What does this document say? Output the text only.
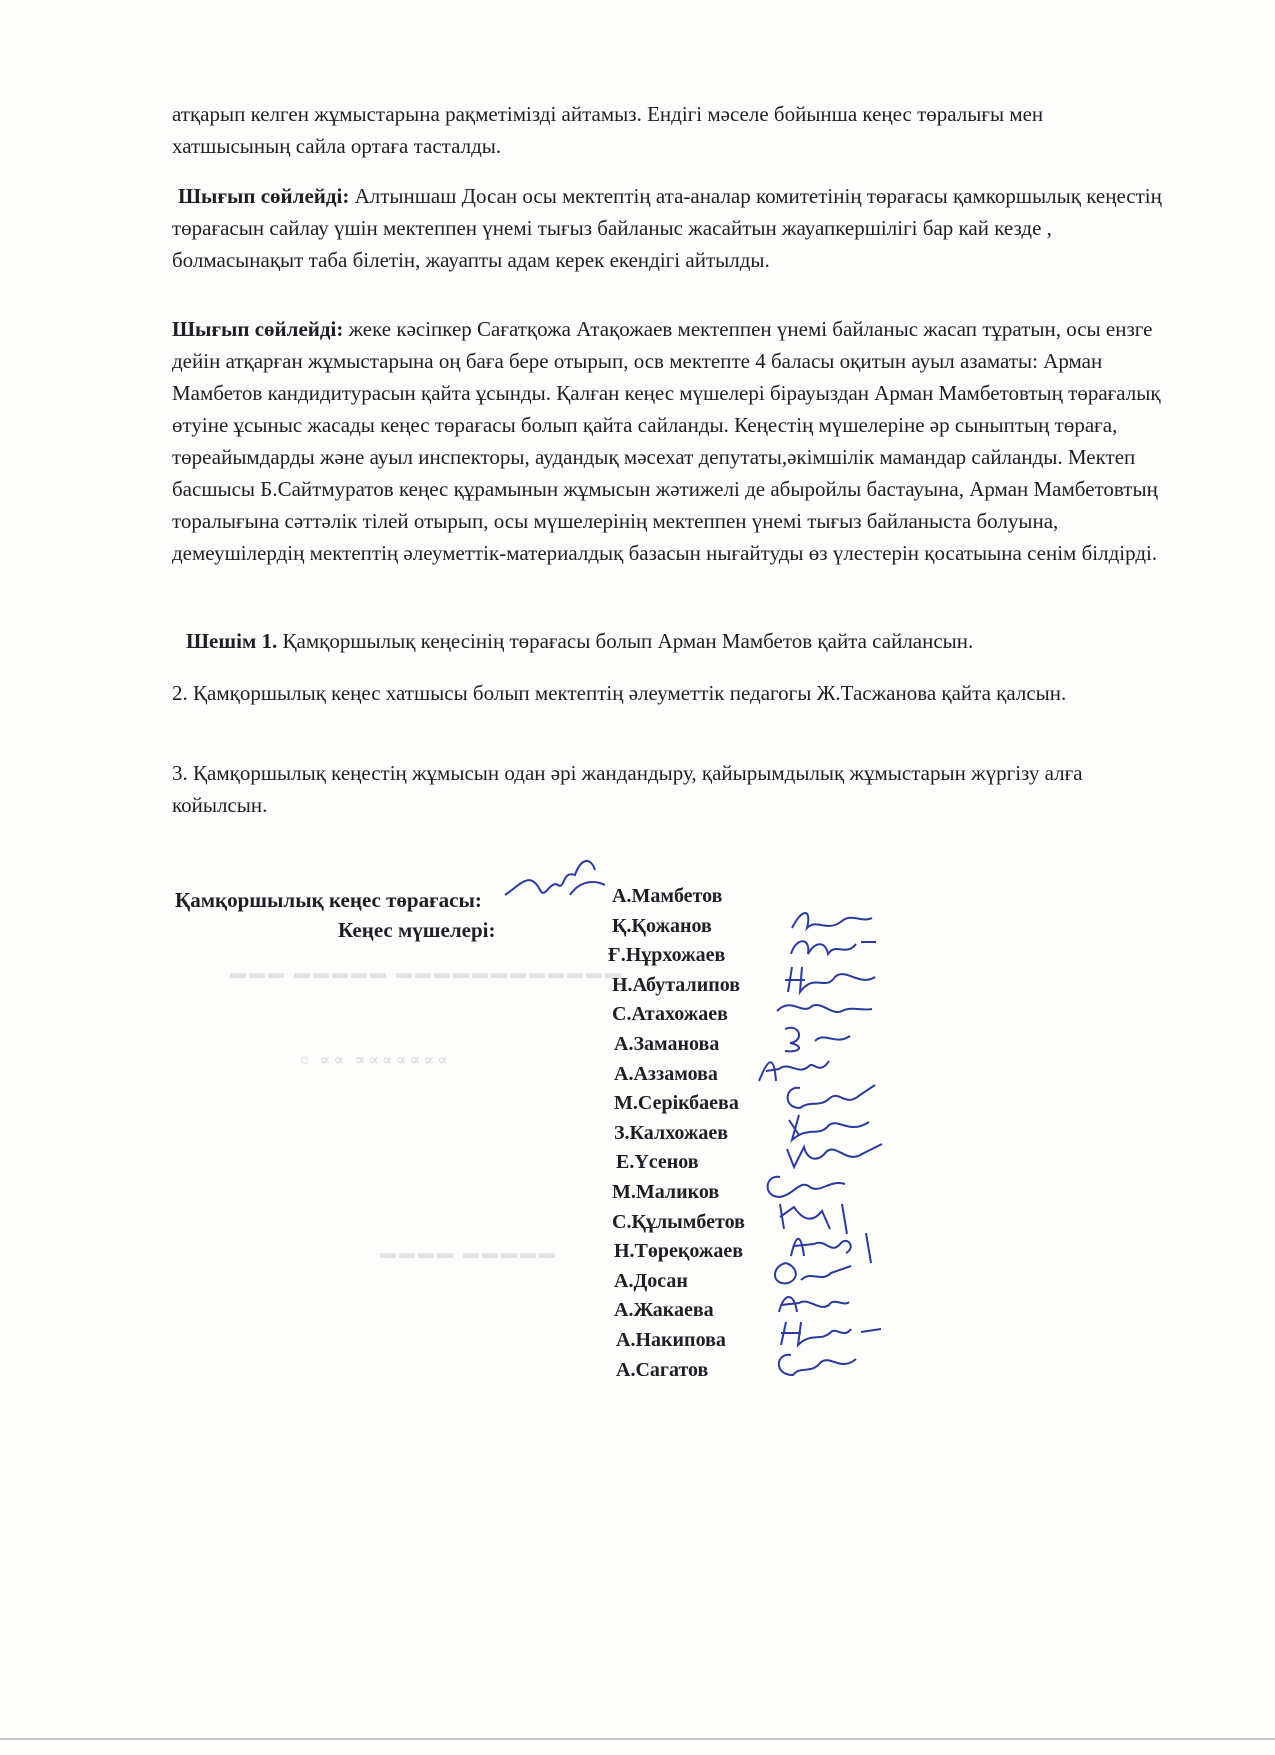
атқарып келген жұмыстарына рақметімізді айтамыз. Ендігі мәселе бойынша кеңес төралығы мен хатшысының сайла ортаға тасталды.

Шығып сөйлейді: Алтыншаш Досан осы мектептің ата-аналар комитетінің төрағасы қамкоршылық кеңестің төрағасын сайлау үшін мектеппен үнемі тығыз байланыс жасайтын жауапкершілігі бар кай кезде , болмасынақыт таба білетін, жауапты адам керек екендігі айтылды.

Шығып сөйлейді: жеке кәсіпкер Сағатқожа Атақожаев мектеппен үнемі байланыс жасап тұратын, осы ензге дейін атқарған жұмыстарына оң баға бере отырып, осв мектепте 4 баласы оқитын ауыл азаматы: Арман Мамбетов кандидитурасын қайта ұсынды. Қалған кеңес мүшелері бірауыздан Арман Мамбетовтың төрағалық өтуіне ұсыныс жасады кеңес төрағасы болып қайта сайланды. Кеңестің мүшелеріне әр сыныптың төраға, төреайымдарды және ауыл инспекторы, аудандық мәсехат депутаты,әкімшілік мамандар сайланды. Мектеп басшысы Б.Сайтмуратов кеңес құрамынын жұмысын жәтижелі де абыройлы бастауына, Арман Мамбетовтың торалығына сәттәлік тілей отырып, осы мүшелерінің мектеппен үнемі тығыз байланыста болуына, демеушілердің мектептің әлеуметтік-материалдық базасын нығайтуды өз үлестерін қосатыына сенім білдірді.

Шешім 1. Қамқоршылық кеңесінің төрағасы болып Арман Мамбетов қайта сайлансын.

2. Қамқоршылық кеңес хатшысы болып мектептің әлеуметтік педагогы Ж.Тасжанова қайта қалсын.

3. Қамқоршылық кеңестің жұмысын одан әрі жандандыру, қайырымдылық жұмыстарын жүргізу алға койылсын.

○ ∝∝ ∝∝∝∝∝∝∝
▬▬▬ ▬▬▬▬▬ ▬▬▬▬▬▬▬▬▬▬▬▬
▬▬▬▬ ▬▬▬▬▬
Қамқоршылық кеңес төрағасы:
Кеңес мүшелері:
А.Мамбетов
Қ.Қожанов
Ғ.Нұрхожаев
Н.Абуталипов
С.Атахожаев
А.Заманова
А.Аззамова
М.Серікбаева
З.Калхожаев
Е.Үсенов
М.Маликов
С.Құлымбетов
Н.Төреқожаев
А.Досан
А.Жакаева
А.Накипова
А.Сагатов
